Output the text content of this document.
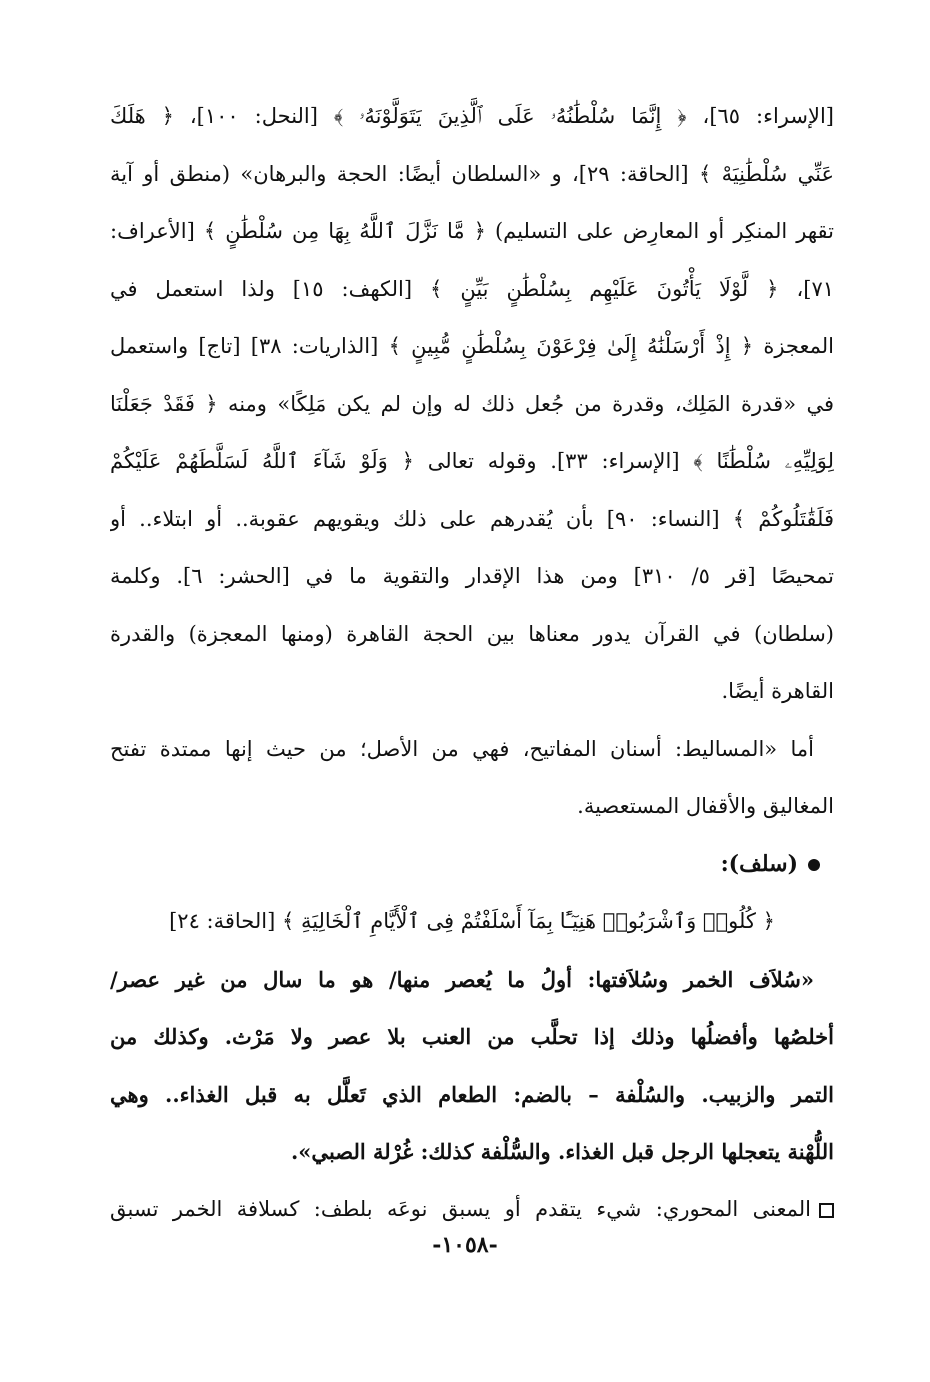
[الإسراء: ٦٥]، ﴿ إِنَّمَا سُلْطَٰنُهُۥ عَلَى ٱلَّذِينَ يَتَوَلَّوْنَهُۥ ﴾ [النحل: ١٠٠]، ﴿ هَلَكَ
عَنِّي سُلْطَٰنِيَهْ ﴾ [الحاقة: ٢٩]، و «السلطان أيضًا: الحجة والبرهان» (منطق أو آية
تقهر المنكِر أو المعارِض على التسليم) ﴿ مَّا نَزَّلَ ٱللَّهُ بِهَا مِن سُلْطَٰنٍ ﴾ [الأعراف:
٧١]، ﴿ لَّوْلَا يَأْتُونَ عَلَيْهِم بِسُلْطَٰنٍ بَيِّنٍ ﴾ [الكهف: ١٥] ولذا استعمل في
المعجزة ﴿ إِذْ أَرْسَلْنَٰهُ إِلَىٰ فِرْعَوْنَ بِسُلْطَٰنٍ مُّبِينٍ ﴾ [الذاريات: ٣٨] [تاج] واستعمل
في «قدرة المَلِك، وقدرة من جُعل ذلك له وإن لم يكن مَلِكًا» ومنه ﴿ فَقَدْ جَعَلْنَا
لِوَلِيِّهِۦ سُلْطَٰنًا ﴾ [الإسراء: ٣٣]. وقوله تعالى ﴿ وَلَوْ شَآءَ ٱللَّهُ لَسَلَّطَهُمْ عَلَيْكُمْ
فَلَقَٰتَلُوكُمْ ﴾ [النساء: ٩٠] بأن يُقدرهم على ذلك ويقويهم عقوبة.. أو ابتلاء.. أو
تمحيصًا [قر ٥/ ٣١٠] ومن هذا الإقدار والتقوية ما في [الحشر: ٦]. وكلمة
(سلطان) في القرآن يدور معناها بين الحجة القاهرة (ومنها المعجزة) والقدرة
القاهرة أيضًا.
أما «المساليط: أسنان المفاتيح، فهي من الأصل؛ من حيث إنها ممتدة تفتح
المغاليق والأقفال المستعصية.
(سلف):
﴿ كُلُوا۟ وَٱشْرَبُوا۟ هَنِيٓـًٔا بِمَآ أَسْلَفْتُمْ فِى ٱلْأَيَّامِ ٱلْخَالِيَةِ ﴾ [الحاقة: ٢٤]
«سُلاَف الخمر وسُلاَفتها: أولُ ما يُعصر منها/ هو ما سال من غير عصر/
أخلصُها وأفضلُها وذلك إذا تحلَّب من العنب بلا عصر ولا مَرْث. وكذلك من
التمر والزبيب. والسُلْفة – بالضم: الطعام الذي تَعلَّل به قبل الغذاء.. وهي
اللُّهْنة يتعجلها الرجل قبل الغذاء. والسُّلْفة كذلك: غُرْلة الصبي».
المعنى المحوري: شيء يتقدم أو يسبق نوعَه بلطف: كسلافة الخمر تسبق
-١٠٥٨-
